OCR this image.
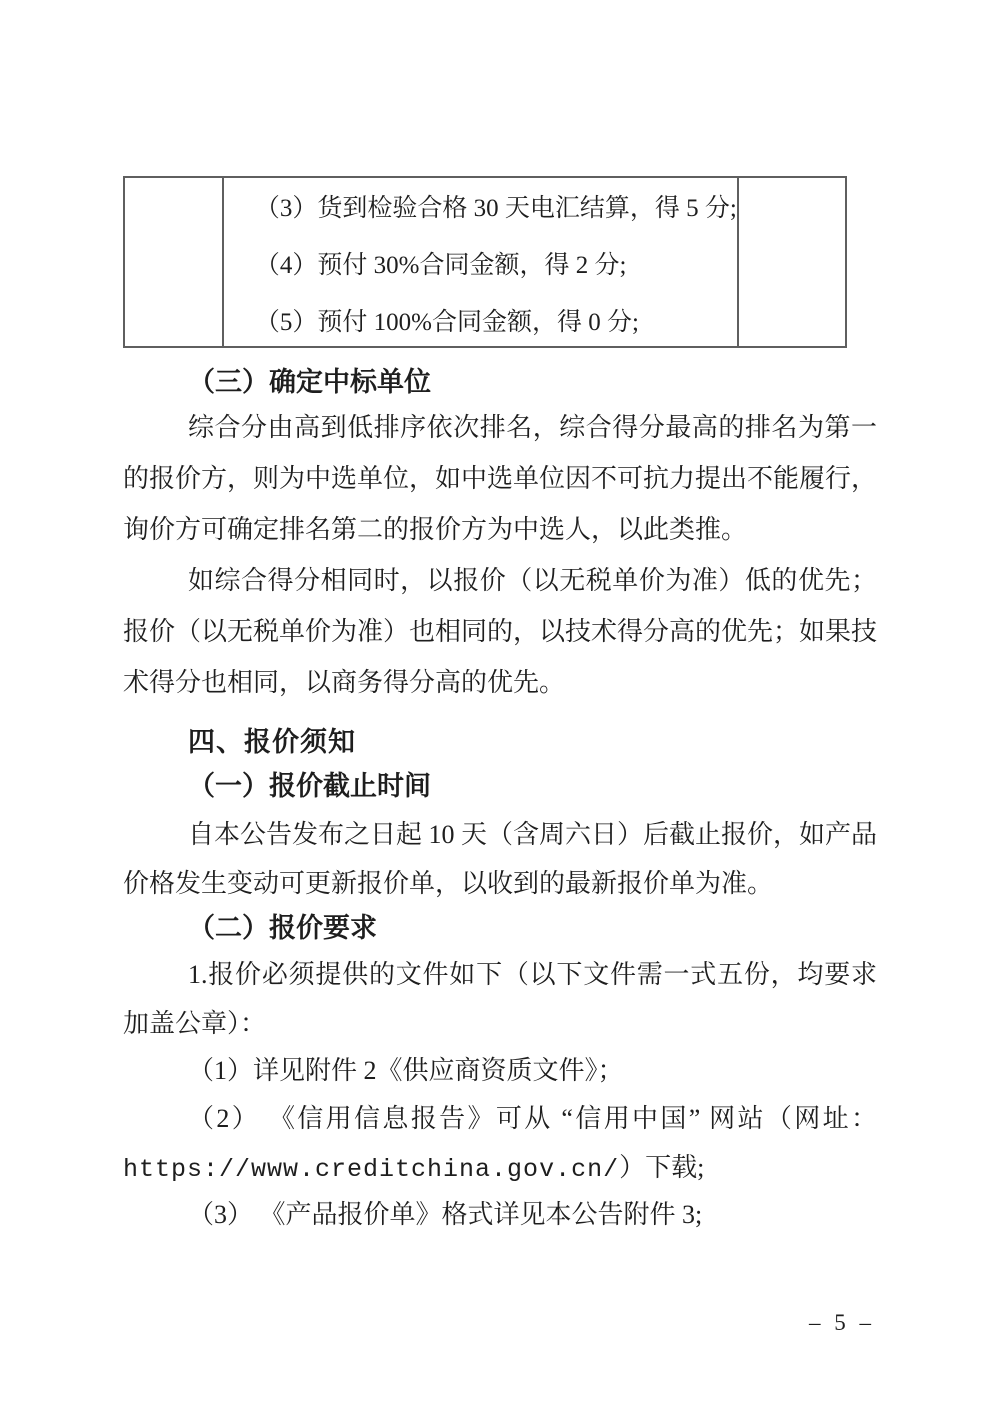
（3）货到检验合格 30 天电汇结算，得 5 分;
（4）预付 30%合同金额，得 2 分;
（5）预付 100%合同金额，得 0 分;
（三）确定中标单位

综合分由高到低排序依次排名，综合得分最高的排名为第一的报价方，则为中选单位，如中选单位因不可抗力提出不能履行，询价方可确定排名第二的报价方为中选人，以此类推。

如综合得分相同时，以报价（以无税单价为准）低的优先；报价（以无税单价为准）也相同的，以技术得分高的优先；如果技术得分也相同，以商务得分高的优先。

四、报价须知
（一）报价截止时间

自本公告发布之日起 10 天（含周六日）后截止报价，如产品价格发生变动可更新报价单，以收到的最新报价单为准。

（二）报价要求

1.报价必须提供的文件如下（以下文件需一式五份，均要求加盖公章）：

（1）详见附件 2《供应商资质文件》；

（2） 《信用信息报告》可从 “信用中国” 网站（网址：https://www.creditchina.gov.cn/）下载;

（3） 《产品报价单》格式详见本公告附件 3;

– 5 –
